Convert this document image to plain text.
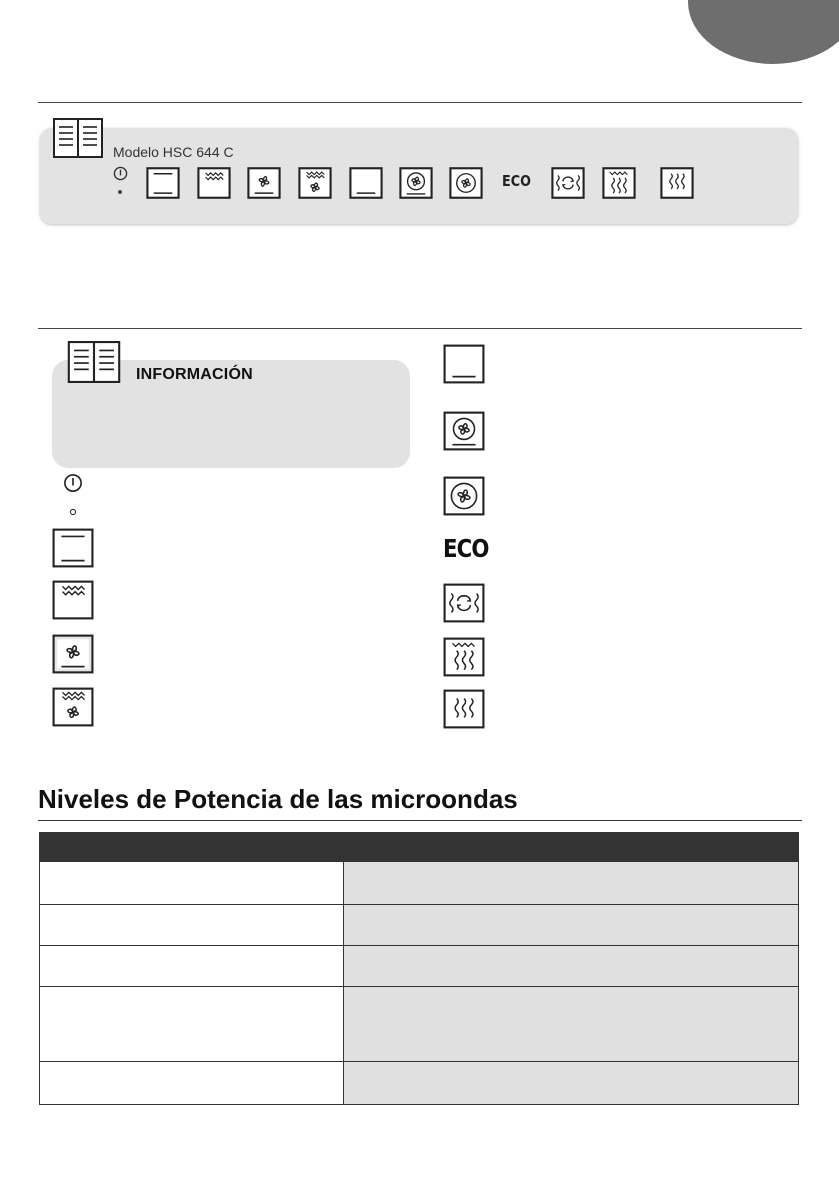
Modelo HSC 644 C
ECO
INFORMACIÓN
ECO
Niveles de Potencia de las microondas
